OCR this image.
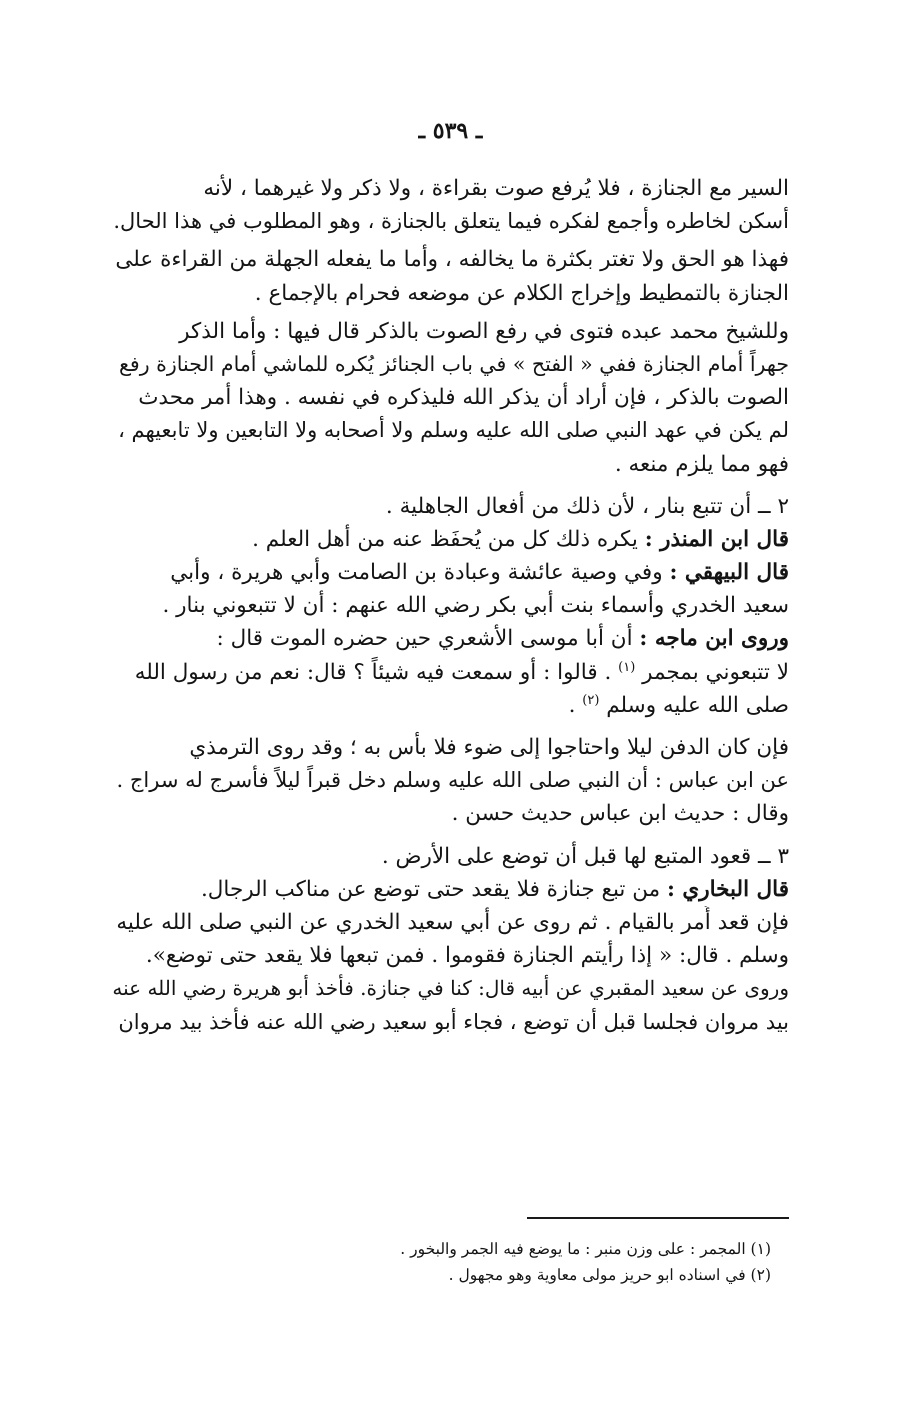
ـ ٥٣٩ ـ
السير مع الجنازة ، فلا يُرفع صوت بقراءة ، ولا ذكر ولا غيرهما ، لأنه
أسكن لخاطره وأجمع لفكره فيما يتعلق بالجنازة ، وهو المطلوب في هذا الحال.
فهذا هو الحق ولا تغتر بكثرة ما يخالفه ، وأما ما يفعله الجهلة من القراءة على
الجنازة بالتمطيط وإخراج الكلام عن موضعه فحرام بالإجماع .
وللشيخ محمد عبده فتوى في رفع الصوت بالذكر قال فيها : وأما الذكر
جهراً أمام الجنازة ففي « الفتح » في باب الجنائز يُكره للماشي أمام الجنازة رفع
الصوت بالذكر ، فإن أراد أن يذكر الله فليذكره في نفسه . وهذا أمر محدث
لم يكن في عهد النبي صلى الله عليه وسلم ولا أصحابه ولا التابعين ولا تابعيهم ،
فهو مما يلزم منعه .
٢ ــ أن تتبع بنار ، لأن ذلك من أفعال الجاهلية .
قال ابن المنذر : يكره ذلك كل من يُحفَظ عنه من أهل العلم .
قال البيهقي : وفي وصية عائشة وعبادة بن الصامت وأبي هريرة ، وأبي
سعيد الخدري وأسماء بنت أبي بكر رضي الله عنهم : أن لا تتبعوني بنار .
وروى ابن ماجه : أن أبا موسى الأشعري حين حضره الموت قال :
لا تتبعوني بمجمر $^{(١)}$ . قالوا : أو سمعت فيه شيئاً ؟ قال: نعم من رسول الله
صلى الله عليه وسلم $^{(٢)}$ .
فإن كان الدفن ليلا واحتاجوا إلى ضوء فلا بأس به ؛ وقد روى الترمذي
عن ابن عباس : أن النبي صلى الله عليه وسلم دخل قبراً ليلاً فأُسرج له سراج .
وقال : حديث ابن عباس حديث حسن .
٣ ــ قعود المتبع لها قبل أن توضع على الأرض .
قال البخاري : من تبع جنازة فلا يقعد حتى توضع عن مناكب الرجال.
فإن قعد أُمر بالقيام . ثم روى عن أبي سعيد الخدري عن النبي صلى الله عليه
وسلم . قال: « إذا رأيتم الجنازة فقوموا . فمن تبعها فلا يقعد حتى توضع».
وروى عن سعيد المقبري عن أبيه قال: كنا في جنازة. فأخذ أبو هريرة رضي الله عنه
بيد مروان فجلسا قبل أن توضع ، فجاء أبو سعيد رضي الله عنه فأخذ بيد مروان
(١) المجمر : على وزن منبر : ما يوضع فيه الجمر والبخور .
(٢) في اسناده ابو حريز مولى معاوية وهو مجهول .
